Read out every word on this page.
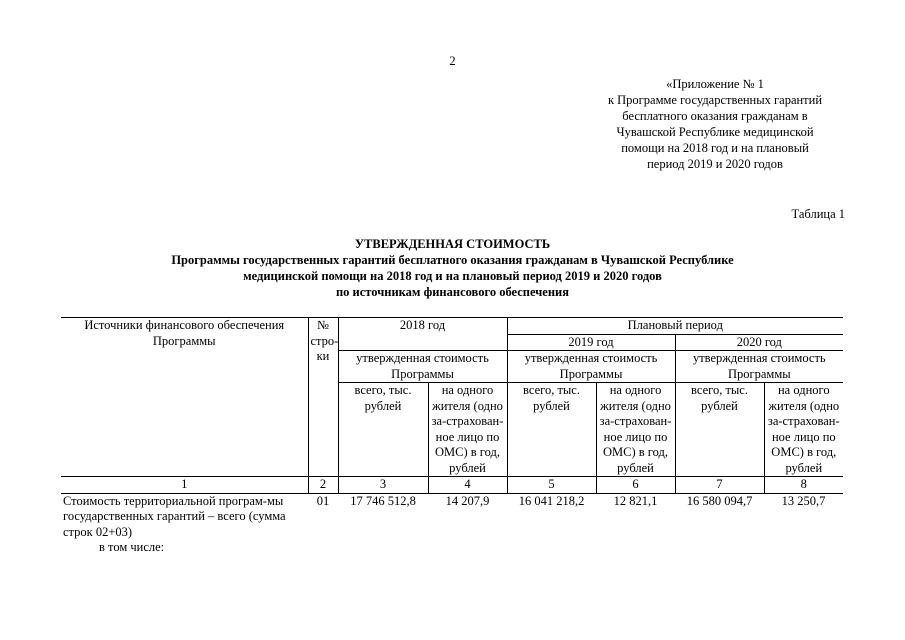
2
«Приложение № 1
к Программе государственных гарантий
бесплатного оказания гражданам в
Чувашской Республике медицинской
помощи на 2018 год и на плановый
период 2019 и 2020 годов
Таблица 1
УТВЕРЖДЕННАЯ СТОИМОСТЬ
Программы государственных гарантий бесплатного оказания гражданам в Чувашской Республике
медицинской помощи на 2018 год и на плановый период 2019 и 2020 годов
по источникам финансового обеспечения
Источники финансового обеспечения Программы	№ стро-ки	2018 год		Плановый период			
				2019 год		2020 год	
		утвержденная стоимость Программы		утвержденная стоимость Программы		утвержденная стоимость Программы	
		всего, тыс. рублей	на одного жителя (одно за-страхован-ное лицо по ОМС) в год, рублей	всего, тыс. рублей	на одного жителя (одно за-страхован-ное лицо по ОМС) в год, рублей	всего, тыс. рублей	на одного жителя (одно за-страхован-ное лицо по ОМС) в год, рублей
1	2	3	4	5	6	7	8
Стоимость территориальной програм-мы государственных гарантий – всего (сумма строк 02+03)	01	17 746 512,8	14 207,9	16 041 218,2	12 821,1	16 580 094,7	13 250,7
в том числе:							
